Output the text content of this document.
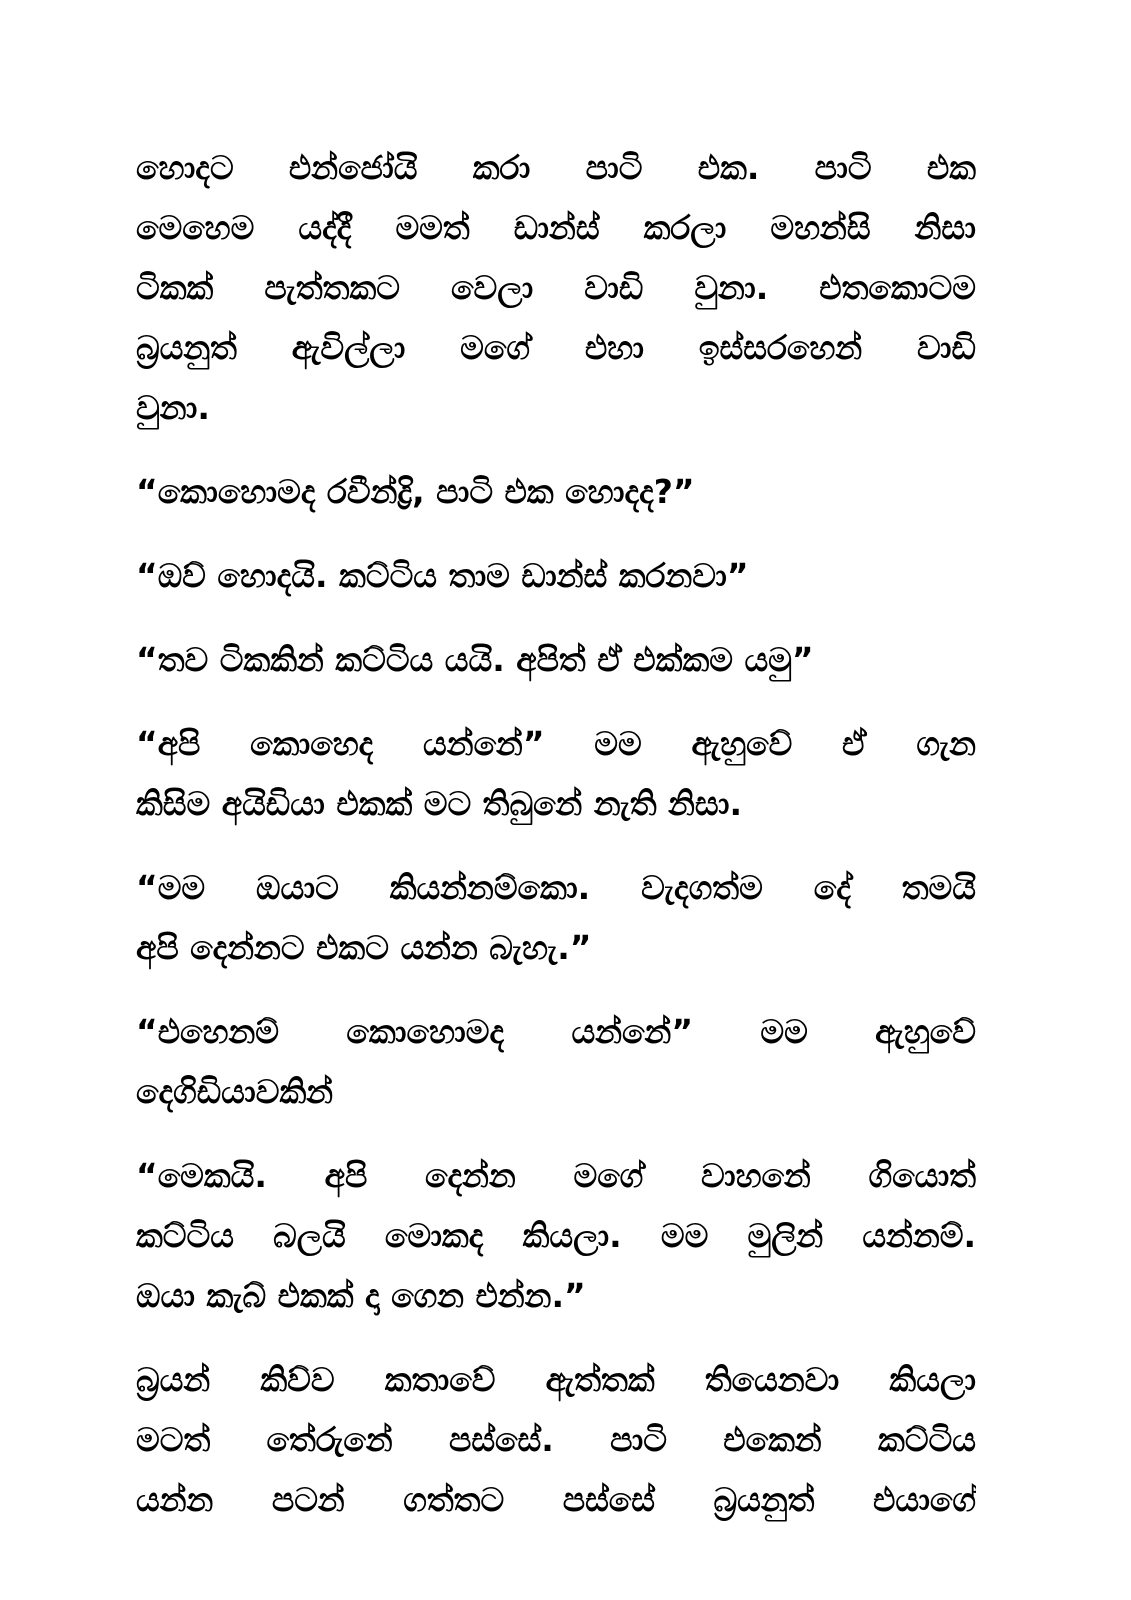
හොදට එන්ජෝයි කරා පාටි එක. පාටි එක
මෙහෙම යද්දී මමත් ඩාන්ස් කරලා මහන්සි නිසා
ටිකක් පැත්තකට වෙලා වාඩි වුනා. එතකොටම
බ්‍රයනුත් ඇවිල්ලා මගේ එහා ඉස්සරහෙන් වාඩි
වුනා.

“කොහොමද රවීන්ද්‍රි, පාටි එක හොදද?”

“ඔව් හොදයි. කට්ටිය තාම ඩාන්ස් කරනවා”

“තව ටිකකින් කට්ටිය යයි. අපිත් ඒ එක්කම යමු”

“අපි කොහෙද යන්නේ” මම ඇහුවේ ඒ ගැන
කිසිම අයිඩියා එකක් මට තිබුනේ නැති නිසා.

“මම ඔයාට කියන්නම්කො. වැදගත්ම දේ තමයි
අපි දෙන්නට එකට යන්න බැහැ.”

“එහෙනම් කොහොමද යන්නේ” මම ඇහුවේ
දෙගිඩියාවකින්

“මෙකයි. අපි දෙන්න මගේ වාහනේ ගියොත්
කට්ටිය බලයි මොකද කියලා. මම මුලින් යන්නම්.
ඔයා කැබ් එකක් දා ගෙන එන්න.”

බ්‍රයන් කිව්ව කතාවේ ඇත්තක් තියෙනවා කියලා
මටත් තේරුනේ පස්සේ. පාටි එකෙන් කට්ටිය
යන්න පටන් ගත්තට පස්සේ බ්‍රයනුත් එයාගේ
